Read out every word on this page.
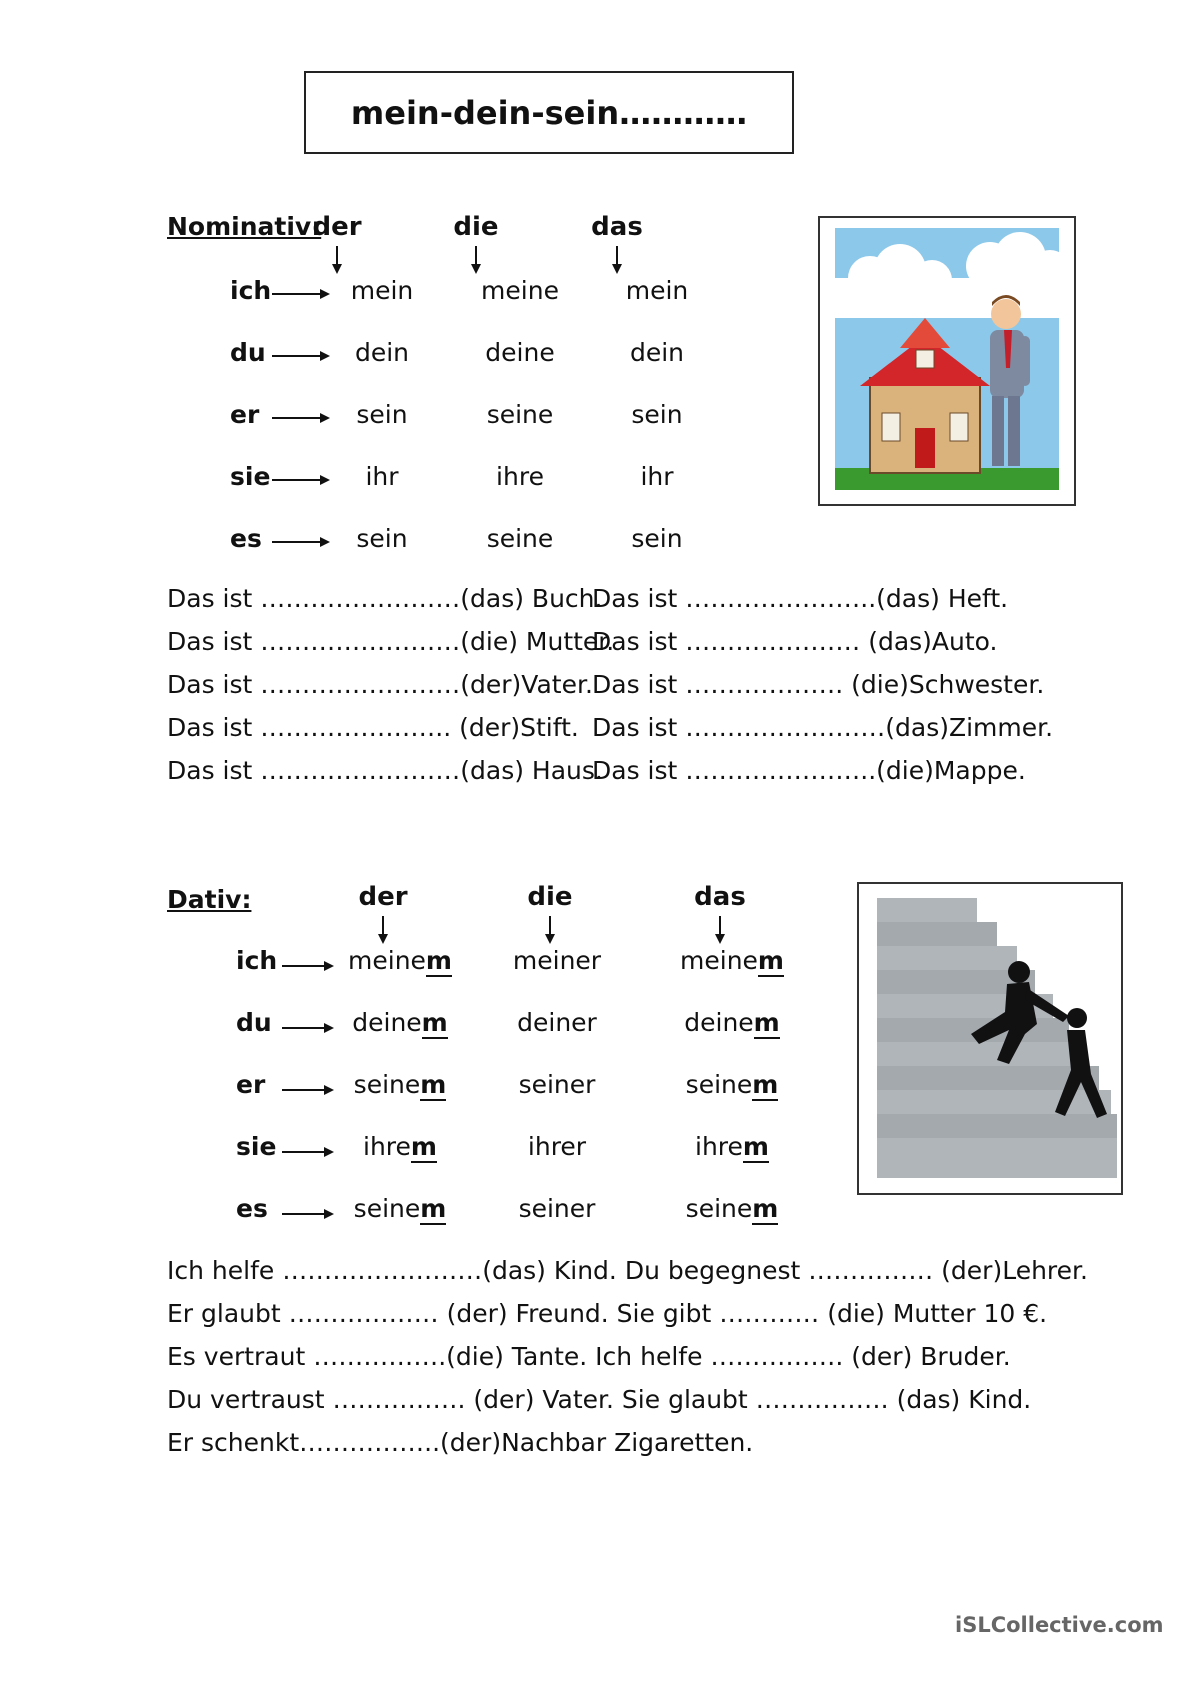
mein-dein-sein…………
Nominativ:
der	die	das
ich	mein	meine	mein
du	dein	deine	dein
er	sein	seine	sein
sie	ihr	ihre	ihr
es	sein	seine	sein
Das ist ……………………(das) Buch.
Das ist ……………………(die) Mutter.
Das ist ……………………(der)Vater.
Das ist ………………….. (der)Stift.
Das ist ……………………(das) Haus.
Das ist …………………..(das) Heft.
Das ist ………………… (das)Auto.
Das ist ………………. (die)Schwester.
Das ist ……………………(das)Zimmer.
Das ist …………………..(die)Mappe.
Dativ:	der	die	das
ich	meinem	meiner	meinem
du	deinem	deiner	deinem
er	seinem	seiner	seinem
sie	ihrem	ihrer	ihrem
es	seinem	seiner	seinem
Ich helfe ……………………(das) Kind. Du begegnest …………… (der)Lehrer.
Er glaubt ……………… (der) Freund. Sie gibt ………… (die) Mutter 10 €.
Es vertraut …………….(die) Tante. Ich helfe ……………. (der) Bruder.
Du vertraust ……………. (der) Vater. Sie glaubt ……………. (das) Kind.
Er schenkt……………..(der)Nachbar Zigaretten.
iSLCollective.com
